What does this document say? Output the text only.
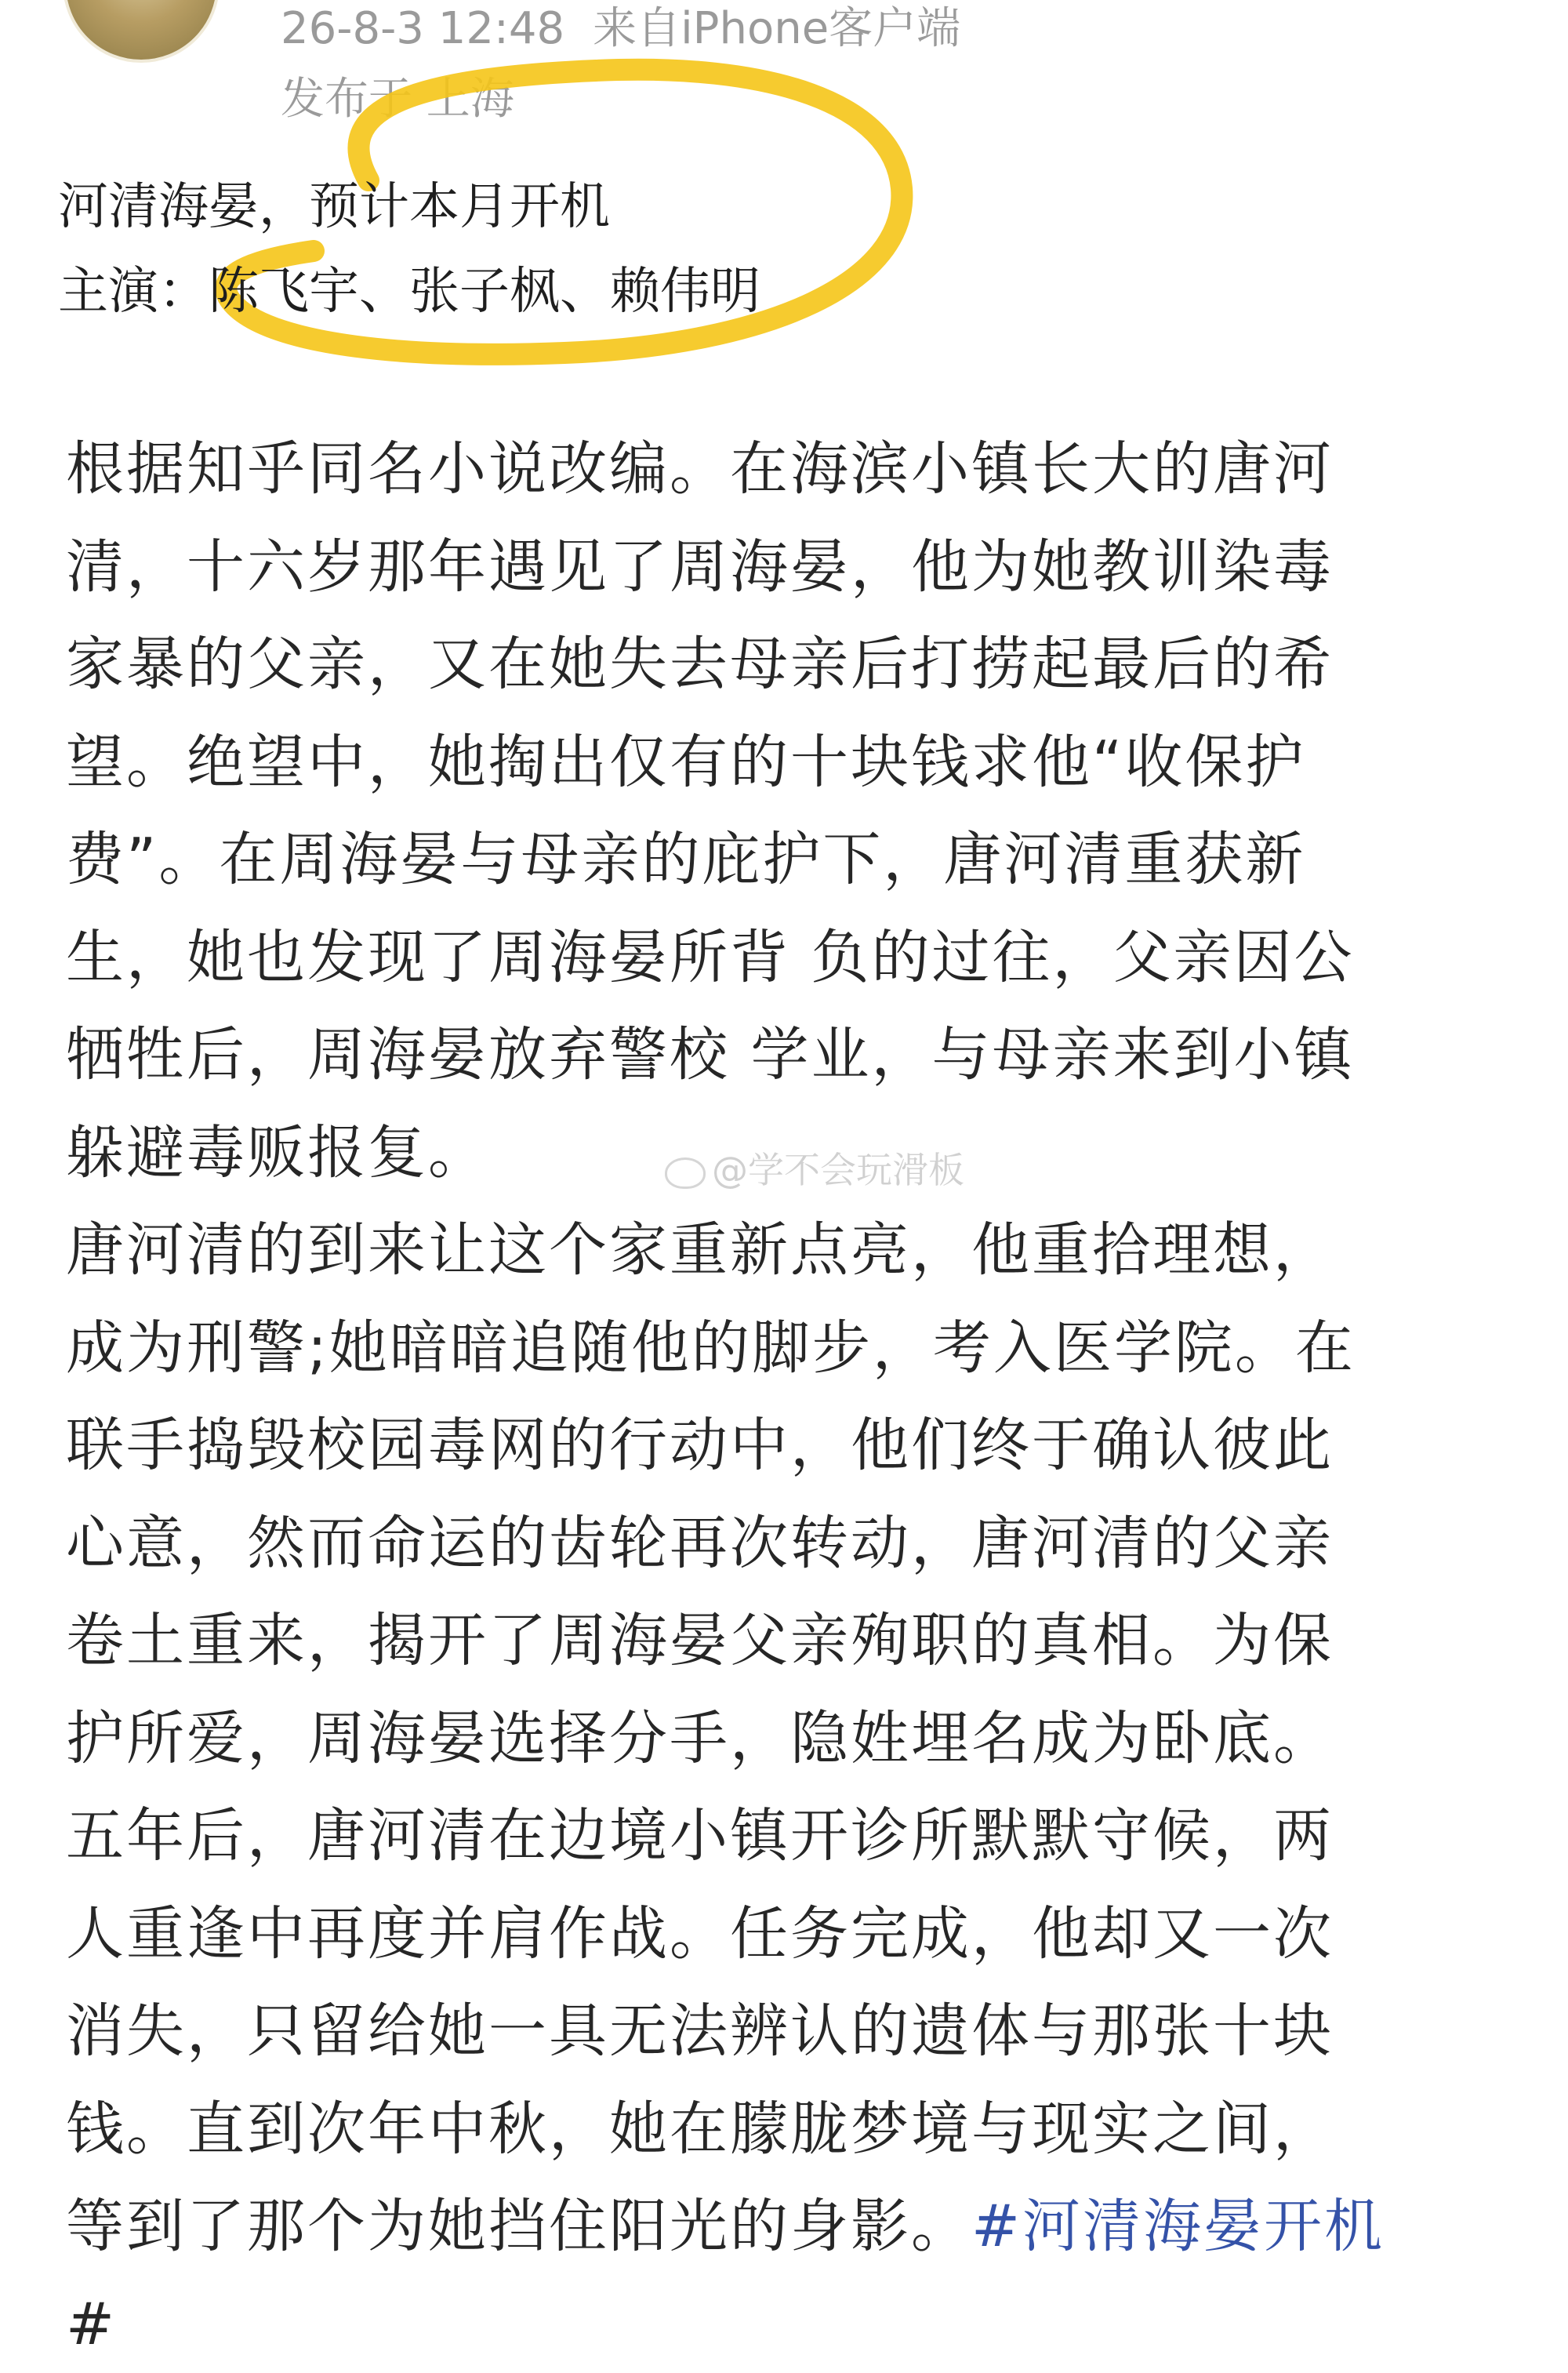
26-8-3 12:48 来自iPhone客户端
发布于 上海
河清海晏，预计本月开机
主演：陈飞宇、张子枫、赖伟明
根据知乎同名小说改编。在海滨小镇长大的唐河
清，十六岁那年遇见了周海晏，他为她教训染毒
家暴的父亲，又在她失去母亲后打捞起最后的希
望。绝望中，她掏出仅有的十块钱求他“收保护
费”。在周海晏与母亲的庇护下，唐河清重获新
生，她也发现了周海晏所背 负的过往，父亲因公
牺牲后，周海晏放弃警校 学业，与母亲来到小镇
躲避毒贩报复。
唐河清的到来让这个家重新点亮，他重拾理想，
成为刑警;她暗暗追随他的脚步，考入医学院。在
联手捣毁校园毒网的行动中，他们终于确认彼此
心意，然而命运的齿轮再次转动，唐河清的父亲
卷土重来，揭开了周海晏父亲殉职的真相。为保
护所爱，周海晏选择分手，隐姓埋名成为卧底。
五年后，唐河清在边境小镇开诊所默默守候，两
人重逢中再度并肩作战。任务完成，他却又一次
消失，只留给她一具无法辨认的遗体与那张十块
钱。直到次年中秋，她在朦胧梦境与现实之间，
等到了那个为她挡住阳光的身影。#河清海晏开机
#
@学不会玩滑板
